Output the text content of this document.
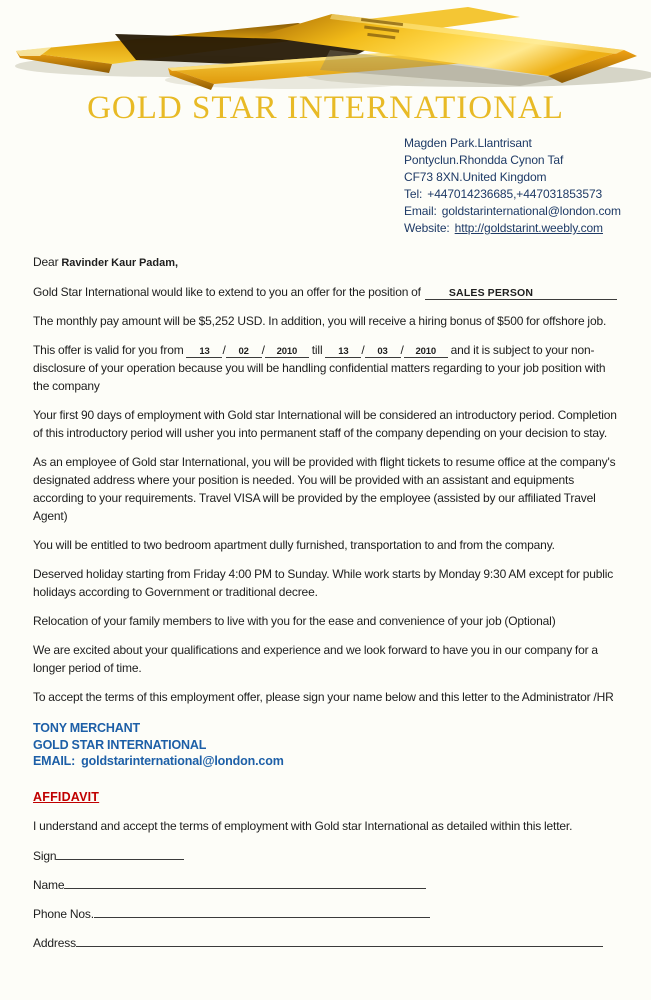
GOLD STAR INTERNATIONAL
Magden Park.Llantrisant
Pontyclun.Rhondda Cynon Taf
CF73 8XN.United Kingdom
Tel: +447014236685,+447031853573
Email: goldstarinternational@london.com
Website: http://goldstarint.weebly.com

Dear Ravinder Kaur Padam,

Gold Star International would like to extend to you an offer for the position of	SALES PERSON

The monthly pay amount will be $5,252 USD. In addition, you will receive a hiring bonus of $500 for offshore job.

This offer is valid for you from 13 / 02 / 2010 till 13 / 03 / 2010 and it is subject to your non-disclosure of your operation because you will be handling confidential matters regarding to your job position with the company

Your first 90 days of employment with Gold star International will be considered an introductory period. Completion of this introductory period will usher you into permanent staff of the company depending on your decision to stay.

As an employee of Gold star International, you will be provided with flight tickets to resume office at the company's designated address where your position is needed. You will be provided with an assistant and equipments according to your requirements. Travel VISA will be provided by the employee (assisted by our affiliated Travel Agent)

You will be entitled to two bedroom apartment dully furnished, transportation to and from the company.

Deserved holiday starting from Friday 4:00 PM to Sunday. While work starts by Monday 9:30 AM except for public holidays according to Government or traditional decree.

Relocation of your family members to live with you for the ease and convenience of your job (Optional)

We are excited about your qualifications and experience and we look forward to have you in our company for a longer period of time.

To accept the terms of this employment offer, please sign your name below and this letter to the Administrator /HR

TONY MERCHANT
GOLD STAR INTERNATIONAL
EMAIL: goldstarinternational@london.com

AFFIDAVIT

I understand and accept the terms of employment with Gold star International as detailed within this letter.

Sign
Name
Phone Nos.
Address
